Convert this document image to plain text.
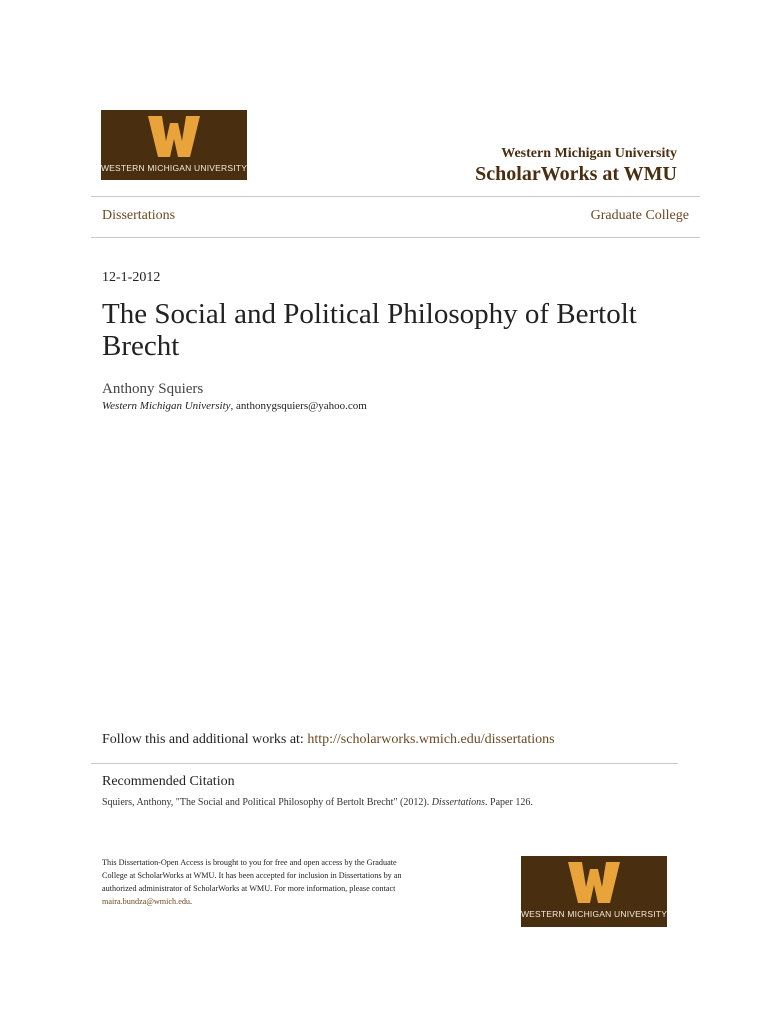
WESTERN MICHIGAN UNIVERSITY
Western Michigan University
ScholarWorks at WMU
Dissertations	Graduate College
12-1-2012
The Social and Political Philosophy of Bertolt Brecht
Anthony Squiers
Western Michigan University, anthonygsquiers@yahoo.com
Follow this and additional works at: http://scholarworks.wmich.edu/dissertations
Recommended Citation
Squiers, Anthony, "The Social and Political Philosophy of Bertolt Brecht" (2012). Dissertations. Paper 126.
This Dissertation-Open Access is brought to you for free and open access by the Graduate College at ScholarWorks at WMU. It has been accepted for inclusion in Dissertations by an authorized administrator of ScholarWorks at WMU. For more information, please contact maira.bundza@wmich.edu.
WESTERN MICHIGAN UNIVERSITY
